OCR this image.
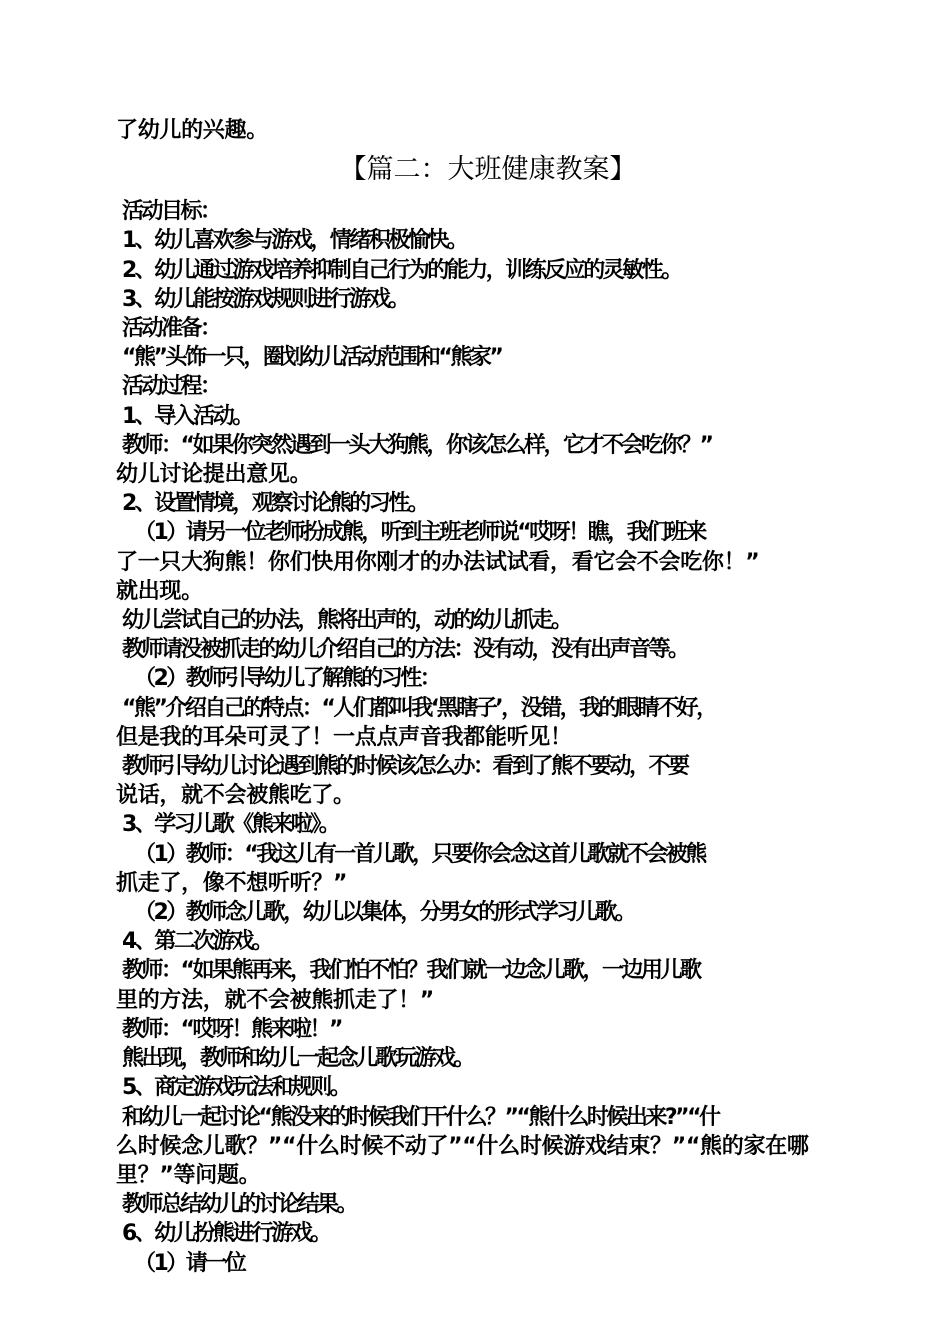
了幼儿的兴趣。
【篇二：大班健康教案】
活动目标：
1、幼儿喜欢参与游戏，情绪积极愉快。
2、幼儿通过游戏培养抑制自己行为的能力，训练反应的灵敏性。
3、幼儿能按游戏规则进行游戏。
活动准备：
“熊”头饰一只，圈划幼儿活动范围和“熊家”
活动过程：
1、导入活动。
教师：“如果你突然遇到一头大狗熊，你该怎么样，它才不会吃你？”
幼儿讨论提出意见。
2、设置情境，观察讨论熊的习性。
（1）请另一位老师扮成熊，听到主班老师说“哎呀！瞧，我们班来
了一只大狗熊！你们快用你刚才的办法试试看，看它会不会吃你！”
就出现。
幼儿尝试自己的办法，熊将出声的，动的幼儿抓走。
教师请没被抓走的幼儿介绍自己的方法：没有动，没有出声音等。
（2）教师引导幼儿了解熊的习性：
“熊”介绍自己的特点：“人们都叫我‘黑瞎子’，没错，我的眼睛不好，
但是我的耳朵可灵了！一点点声音我都能听见！
教师引导幼儿讨论遇到熊的时候该怎么办：看到了熊不要动，不要
说话，就不会被熊吃了。
3、学习儿歌《熊来啦》。
（1）教师：“我这儿有一首儿歌，只要你会念这首儿歌就不会被熊
抓走了，像不想听听？”
（2）教师念儿歌，幼儿以集体，分男女的形式学习儿歌。
4、第二次游戏。
教师：“如果熊再来，我们怕不怕？我们就一边念儿歌，一边用儿歌
里的方法，就不会被熊抓走了！”
教师：“哎呀！熊来啦！”
熊出现，教师和幼儿一起念儿歌玩游戏。
5、商定游戏玩法和规则。
和幼儿一起讨论“熊没来的时候我们干什么？”“熊什么时候出来?”“什
么时候念儿歌？”“什么时候不动了”“什么时候游戏结束？”“熊的家在哪
里？”等问题。
教师总结幼儿的讨论结果。
6、幼儿扮熊进行游戏。
（1）请一位
